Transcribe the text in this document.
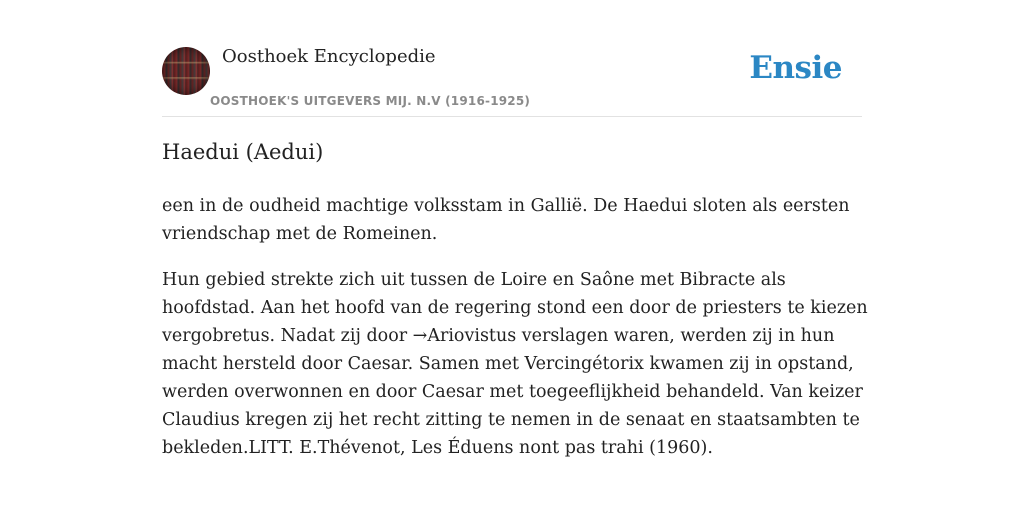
Oosthoek Encyclopedie
OOSTHOEK'S UITGEVERS MIJ. N.V (1916-1925)
Ensie
Haedui (Aedui)

een in de oudheid machtige volksstam in Gallië. De Haedui sloten als eersten vriendschap met de Romeinen.

Hun gebied strekte zich uit tussen de Loire en Saône met Bibracte als hoofdstad. Aan het hoofd van de regering stond een door de priesters te kiezen vergobretus. Nadat zij door →Ariovistus verslagen waren, werden zij in hun macht hersteld door Caesar. Samen met Vercingétorix kwamen zij in opstand, werden overwonnen en door Caesar met toegeeflijkheid behandeld. Van keizer Claudius kregen zij het recht zitting te nemen in de senaat en staatsambten te bekleden.LITT. E.Thévenot, Les Éduens nont pas trahi (1960).
